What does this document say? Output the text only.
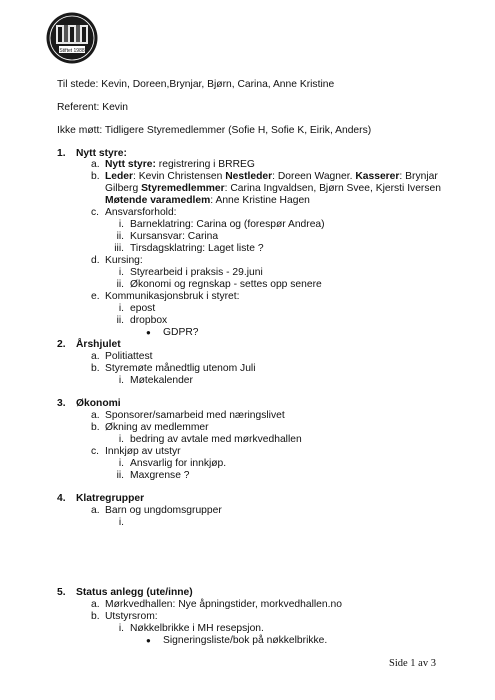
Stiftet 1988
Til stede: Kevin, Doreen,Brynjar, Bjørn, Carina, Anne Kristine
Referent: Kevin
Ikke møtt: Tidligere Styremedlemmer (Sofie H, Sofie K, Eirik, Anders)
1. Nytt styre:
a. Nytt styre: registrering i BRREG
b. Leder: Kevin Christensen Nestleder: Doreen Wagner. Kasserer: Brynjar
Gilberg Styremedlemmer: Carina Ingvaldsen, Bjørn Svee, Kjersti Iversen
Møtende varamedlem: Anne Kristine Hagen
c. Ansvarsforhold:
i. Barneklatring: Carina og (forespør Andrea)
ii. Kursansvar: Carina
iii. Tirsdagsklatring: Laget liste ?
d. Kursing:
i. Styrearbeid i praksis - 29.juni
ii. Økonomi og regnskap - settes opp senere
e. Kommunikasjonsbruk i styret:
i. epost
ii. dropbox
● GDPR?
2. Årshjulet
a. Politiattest
b. Styremøte månedtlig utenom Juli
i. Møtekalender
3. Økonomi
a. Sponsorer/samarbeid med næringslivet
b. Økning av medlemmer
i. bedring av avtale med mørkvedhallen
c. Innkjøp av utstyr
i. Ansvarlig for innkjøp.
ii. Maxgrense ?
4. Klatregrupper
a. Barn og ungdomsgrupper
i.
5. Status anlegg (ute/inne)
a. Mørkvedhallen: Nye åpningstider, morkvedhallen.no
b. Utstyrsrom:
i. Nøkkelbrikke i MH resepsjon.
● Signeringsliste/bok på nøkkelbrikke.
Side 1 av 3
